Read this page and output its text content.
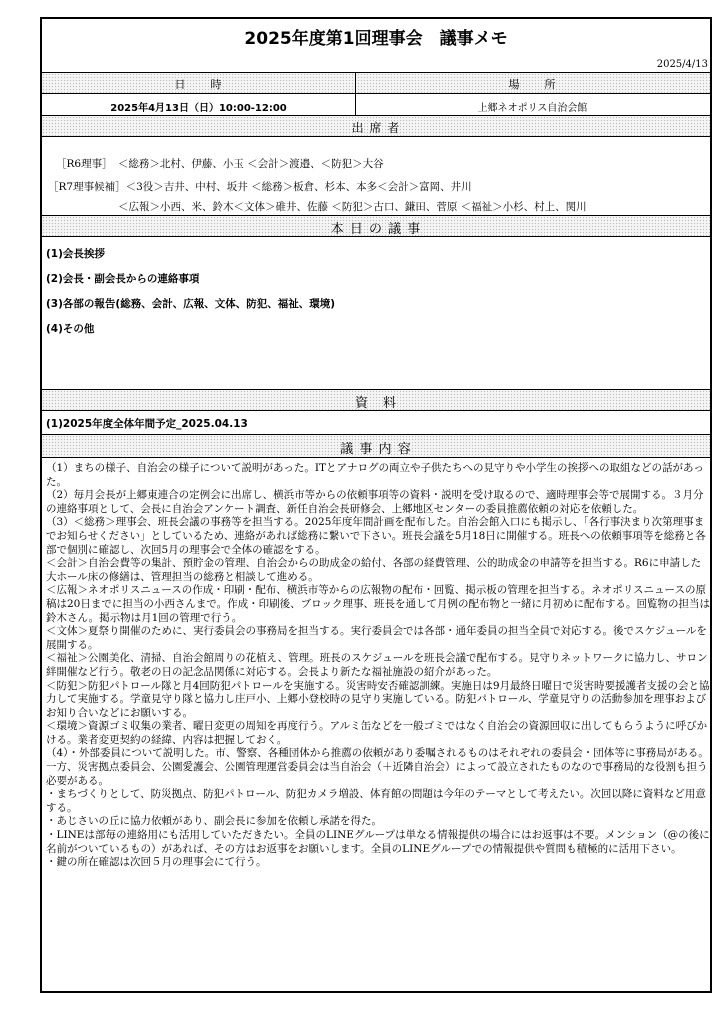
2025年度第1回理事会　議事メモ
2025/4/13
日　　時	場　　所
2025年4月13日（日）10:00-12:00	上郷ネオポリス自治会館
出 席 者
［R6理事］　＜総務＞北村、伊藤、小玉 ＜会計＞渡邉、＜防犯＞大谷
［R7理事候補］＜3役＞吉井、中村、坂井 ＜総務＞板倉、杉本、本多＜会計＞富岡、井川
＜広報＞小西、米、鈴木＜文体＞碓井、佐藤 ＜防犯＞古口、鎌田、菅原 ＜福祉＞小杉、村上、関川
本 日 の 議 事
(1)会長挨拶
(2)会長・副会長からの連絡事項
(3)各部の報告(総務、会計、広報、文体、防犯、福祉、環境)
(4)その他
資　料
(1)2025年度全体年間予定_2025.04.13
議 事 内 容

（1）まちの様子、自治会の様子について説明があった。ITとアナログの両立や子供たちへの見守りや小学生の挨拶への取組などの話があった。

（2）毎月会長が上郷東連合の定例会に出席し、横浜市等からの依頼事項等の資料・説明を受け取るので、適時理事会等で展開する。３月分の連絡事項として、会長に自治会アンケート調査、新任自治会長研修会、上郷地区センターの委員推薦依頼の対応を依頼した。

（3）＜総務＞理事会、班長会議の事務等を担当する。2025年度年間計画を配布した。自治会館入口にも掲示し、「各行事決まり次第理事までお知らせください」としているため、連絡があれば総務に繋いで下さい。班長会議を5月18日に開催する。班長への依頼事項等を総務と各部で個別に確認し、次回5月の理事会で全体の確認をする。

＜会計＞自治会費等の集計、預貯金の管理、自治会からの助成金の給付、各部の経費管理、公的助成金の申請等を担当する。R6に申請した大ホール床の修繕は、管理担当の総務と相談して進める。

＜広報＞ネオポリスニュースの作成・印刷・配布、横浜市等からの広報物の配布・回覧、掲示板の管理を担当する。ネオポリスニュースの原稿は20日までに担当の小西さんまで。作成・印刷後、ブロック理事、班長を通して月例の配布物と一緒に月初めに配布する。回覧物の担当は鈴木さん。掲示物は月1回の管理で行う。

＜文体＞夏祭り開催のために、実行委員会の事務局を担当する。実行委員会では各部・通年委員の担当全員で対応する。後でスケジュールを展開する。

＜福祉＞公園美化、清掃、自治会館周りの花植え、管理。班長のスケジュールを班長会議で配布する。見守りネットワークに協力し、サロン絆開催など行う。敬老の日の記念品関係に対応する。会長より新たな福祉施設の紹介があった。

＜防犯＞防犯パトロール隊と月4回防犯パトロールを実施する。災害時安否確認訓練。実施日は9月最終日曜日で災害時要援護者支援の会と協力して実施する。学童見守り隊と協力し庄戸小、上郷小登校時の見守り実施している。防犯パトロール、学童見守りの活動参加を理事およびお知り合いなどにお願いする。

＜環境＞資源ゴミ収集の業者、曜日変更の周知を再度行う。アルミ缶などを一般ゴミではなく自治会の資源回収に出してもらうように呼びかける。業者変更契約の経緯、内容は把握しておく。

（4）・外部委員について説明した。市、警察、各種団体から推薦の依頼があり委嘱されるものはそれぞれの委員会・団体等に事務局がある。一方、災害拠点委員会、公園愛護会、公園管理運営委員会は当自治会（＋近隣自治会）によって設立されたものなので事務局的な役割も担う必要がある。

・まちづくりとして、防災拠点、防犯パトロール、防犯カメラ増設、体育館の問題は今年のテーマとして考えたい。次回以降に資料など用意する。

・あじさいの丘に協力依頼があり、副会長に参加を依頼し承諾を得た。

・LINEは部毎の連絡用にも活用していただきたい。全員のLINEグループは単なる情報提供の場合にはお返事は不要。メンション（@の後に名前がついているもの）があれば、その方はお返事をお願いします。全員のLINEグループでの情報提供や質問も積極的に活用下さい。

・鍵の所在確認は次回５月の理事会にて行う。
